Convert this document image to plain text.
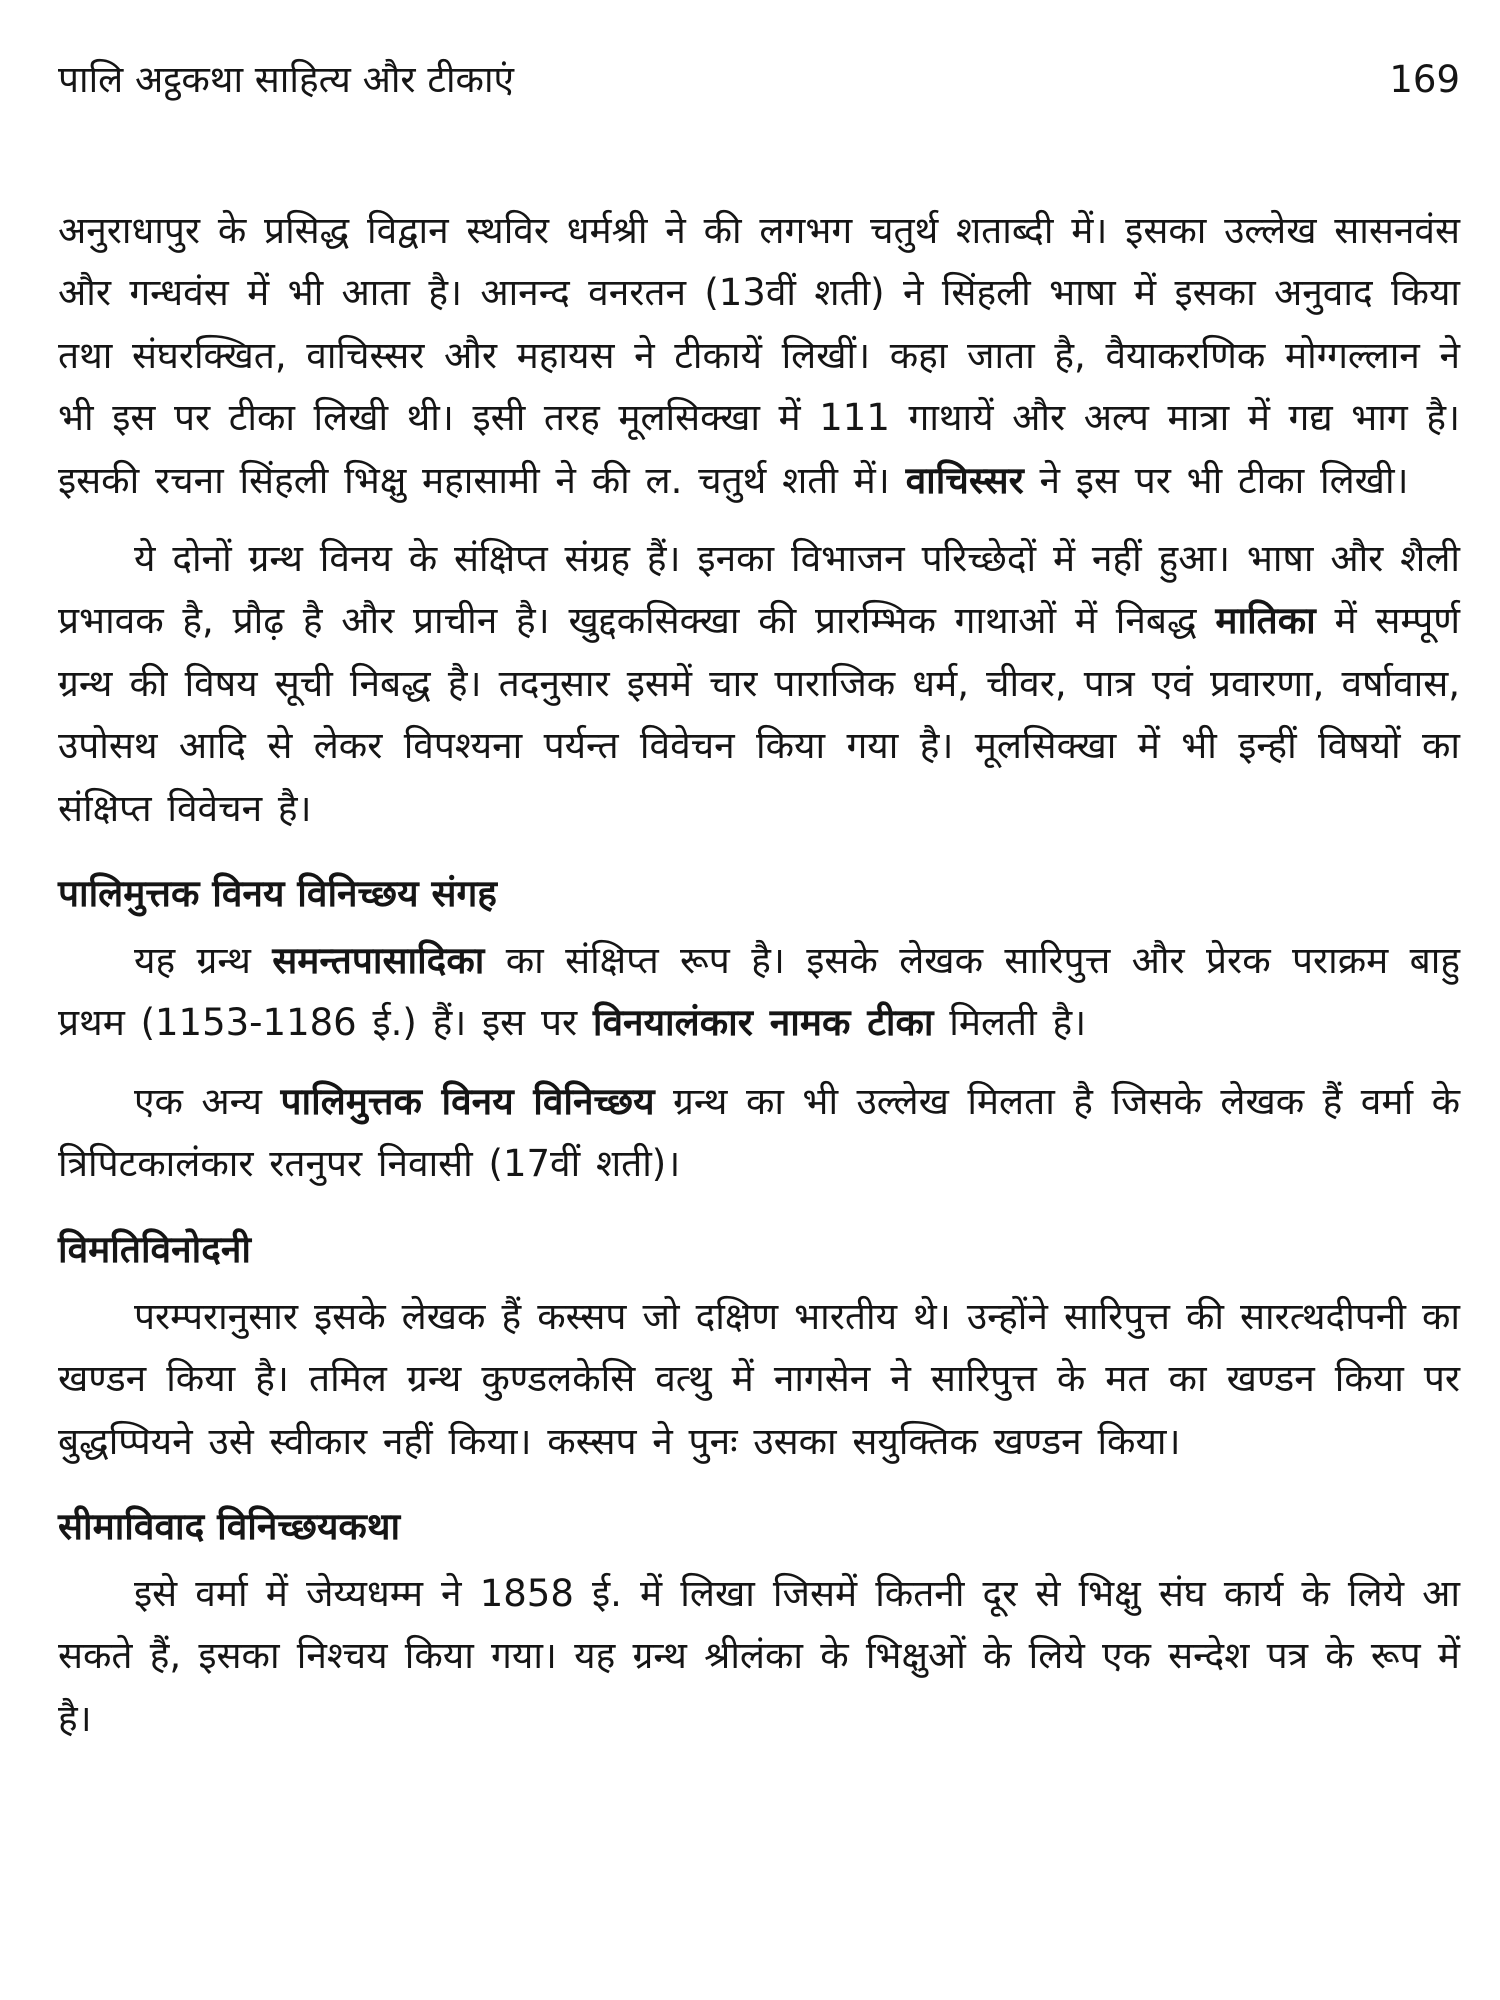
पालि अट्ठकथा साहित्य और टीकाएं	169

अनुराधापुर के प्रसिद्ध विद्वान स्थविर धर्मश्री ने की लगभग चतुर्थ शताब्दी में। इसका उल्लेख सासनवंस और गन्धवंस में भी आता है। आनन्द वनरतन (13वीं शती) ने सिंहली भाषा में इसका अनुवाद किया तथा संघरक्खित, वाचिस्सर और महायस ने टीकायें लिखीं। कहा जाता है, वैयाकरणिक मोग्गल्लान ने भी इस पर टीका लिखी थी। इसी तरह मूलसिक्खा में 111 गाथायें और अल्प मात्रा में गद्य भाग है। इसकी रचना सिंहली भिक्षु महासामी ने की ल. चतुर्थ शती में। वाचिस्सर ने इस पर भी टीका लिखी।

ये दोनों ग्रन्थ विनय के संक्षिप्त संग्रह हैं। इनका विभाजन परिच्छेदों में नहीं हुआ। भाषा और शैली प्रभावक है, प्रौढ़ है और प्राचीन है। खुद्दकसिक्खा की प्रारम्भिक गाथाओं में निबद्ध मातिका में सम्पूर्ण ग्रन्थ की विषय सूची निबद्ध है। तदनुसार इसमें चार पाराजिक धर्म, चीवर, पात्र एवं प्रवारणा, वर्षावास, उपोसथ आदि से लेकर विपश्यना पर्यन्त विवेचन किया गया है। मूलसिक्खा में भी इन्हीं विषयों का संक्षिप्त विवेचन है।

पालिमुत्तक विनय विनिच्छय संगह

यह ग्रन्थ समन्तपासादिका का संक्षिप्त रूप है। इसके लेखक सारिपुत्त और प्रेरक पराक्रम बाहु प्रथम (1153-1186 ई.) हैं। इस पर विनयालंकार नामक टीका मिलती है।

एक अन्य पालिमुत्तक विनय विनिच्छय ग्रन्थ का भी उल्लेख मिलता है जिसके लेखक हैं वर्मा के त्रिपिटकालंकार रतनुपर निवासी (17वीं शती)।

विमतिविनोदनी

परम्परानुसार इसके लेखक हैं कस्सप जो दक्षिण भारतीय थे। उन्होंने सारिपुत्त की सारत्थदीपनी का खण्डन किया है। तमिल ग्रन्थ कुण्डलकेसि वत्थु में नागसेन ने सारिपुत्त के मत का खण्डन किया पर बुद्धप्पियने उसे स्वीकार नहीं किया। कस्सप ने पुनः उसका सयुक्तिक खण्डन किया।

सीमाविवाद विनिच्छयकथा

इसे वर्मा में जेय्यधम्म ने 1858 ई. में लिखा जिसमें कितनी दूर से भिक्षु संघ कार्य के लिये आ सकते हैं, इसका निश्चय किया गया। यह ग्रन्थ श्रीलंका के भिक्षुओं के लिये एक सन्देश पत्र के रूप में है।
